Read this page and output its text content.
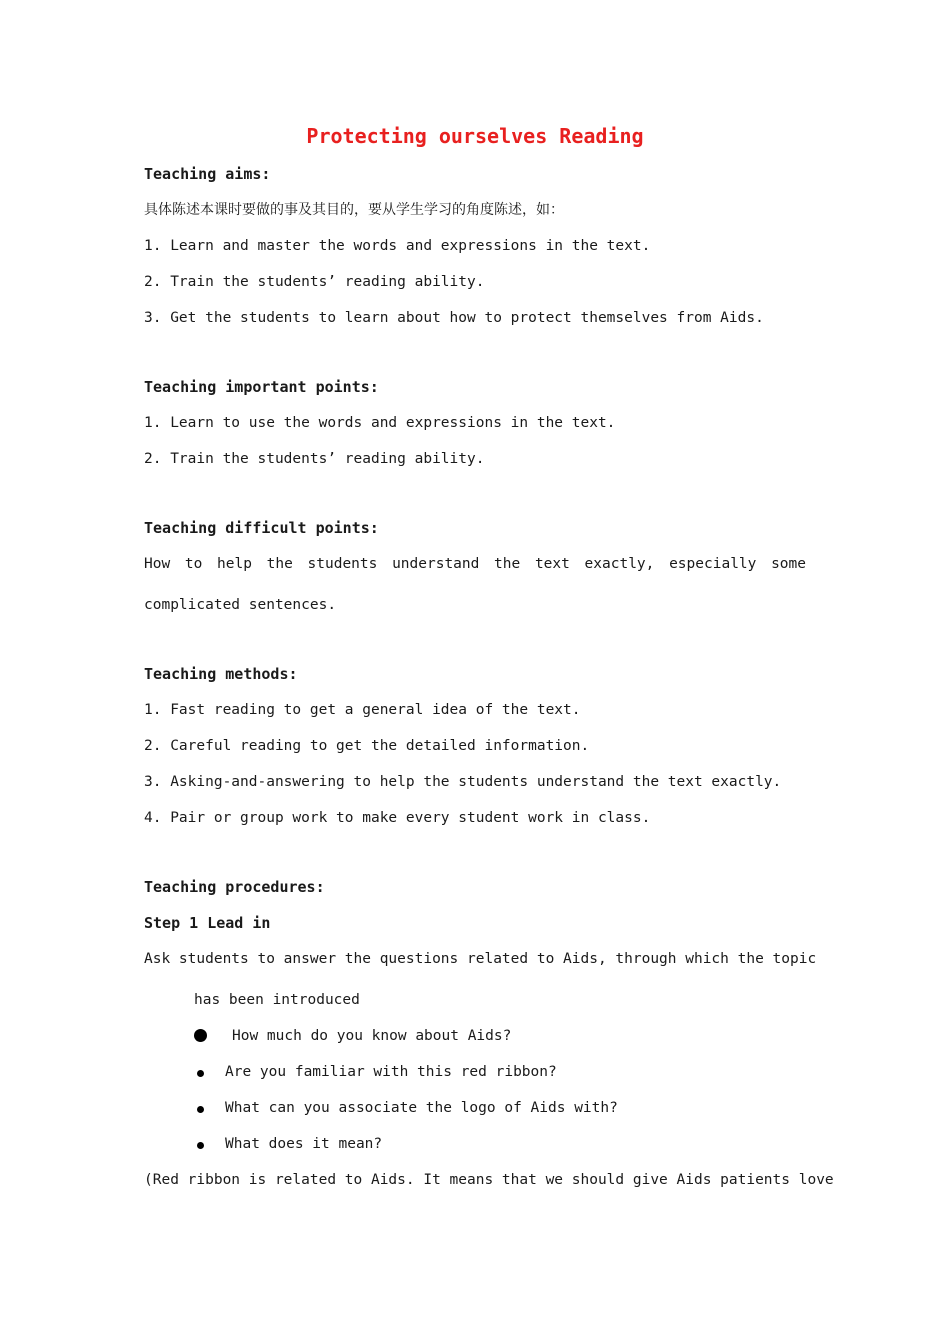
Protecting ourselves Reading
Teaching aims:
具体陈述本课时要做的事及其目的，要从学生学习的角度陈述，如：
1. Learn and master the words and expressions in the text.
2. Train the students’ reading ability.
3. Get the students to learn about how to protect themselves from Aids.
Teaching important points:
1. Learn to use the words and expressions in the text.
2. Train the students’ reading ability.
Teaching difficult points:
How to help the students understand the text exactly, especially some
complicated sentences.
Teaching methods:
1. Fast reading to get a general idea of the text.
2. Careful reading to get the detailed information.
3. Asking-and-answering to help the students understand the text exactly.
4. Pair or group work to make every student work in class.
Teaching procedures:
Step 1 Lead in
Ask students to answer the questions related to Aids, through which the topic
has been introduced
How much do you know about Aids?
Are you familiar with this red ribbon?
What can you associate the logo of Aids with?
What does it mean?
(Red ribbon is related to Aids. It means that we should give Aids patients love
